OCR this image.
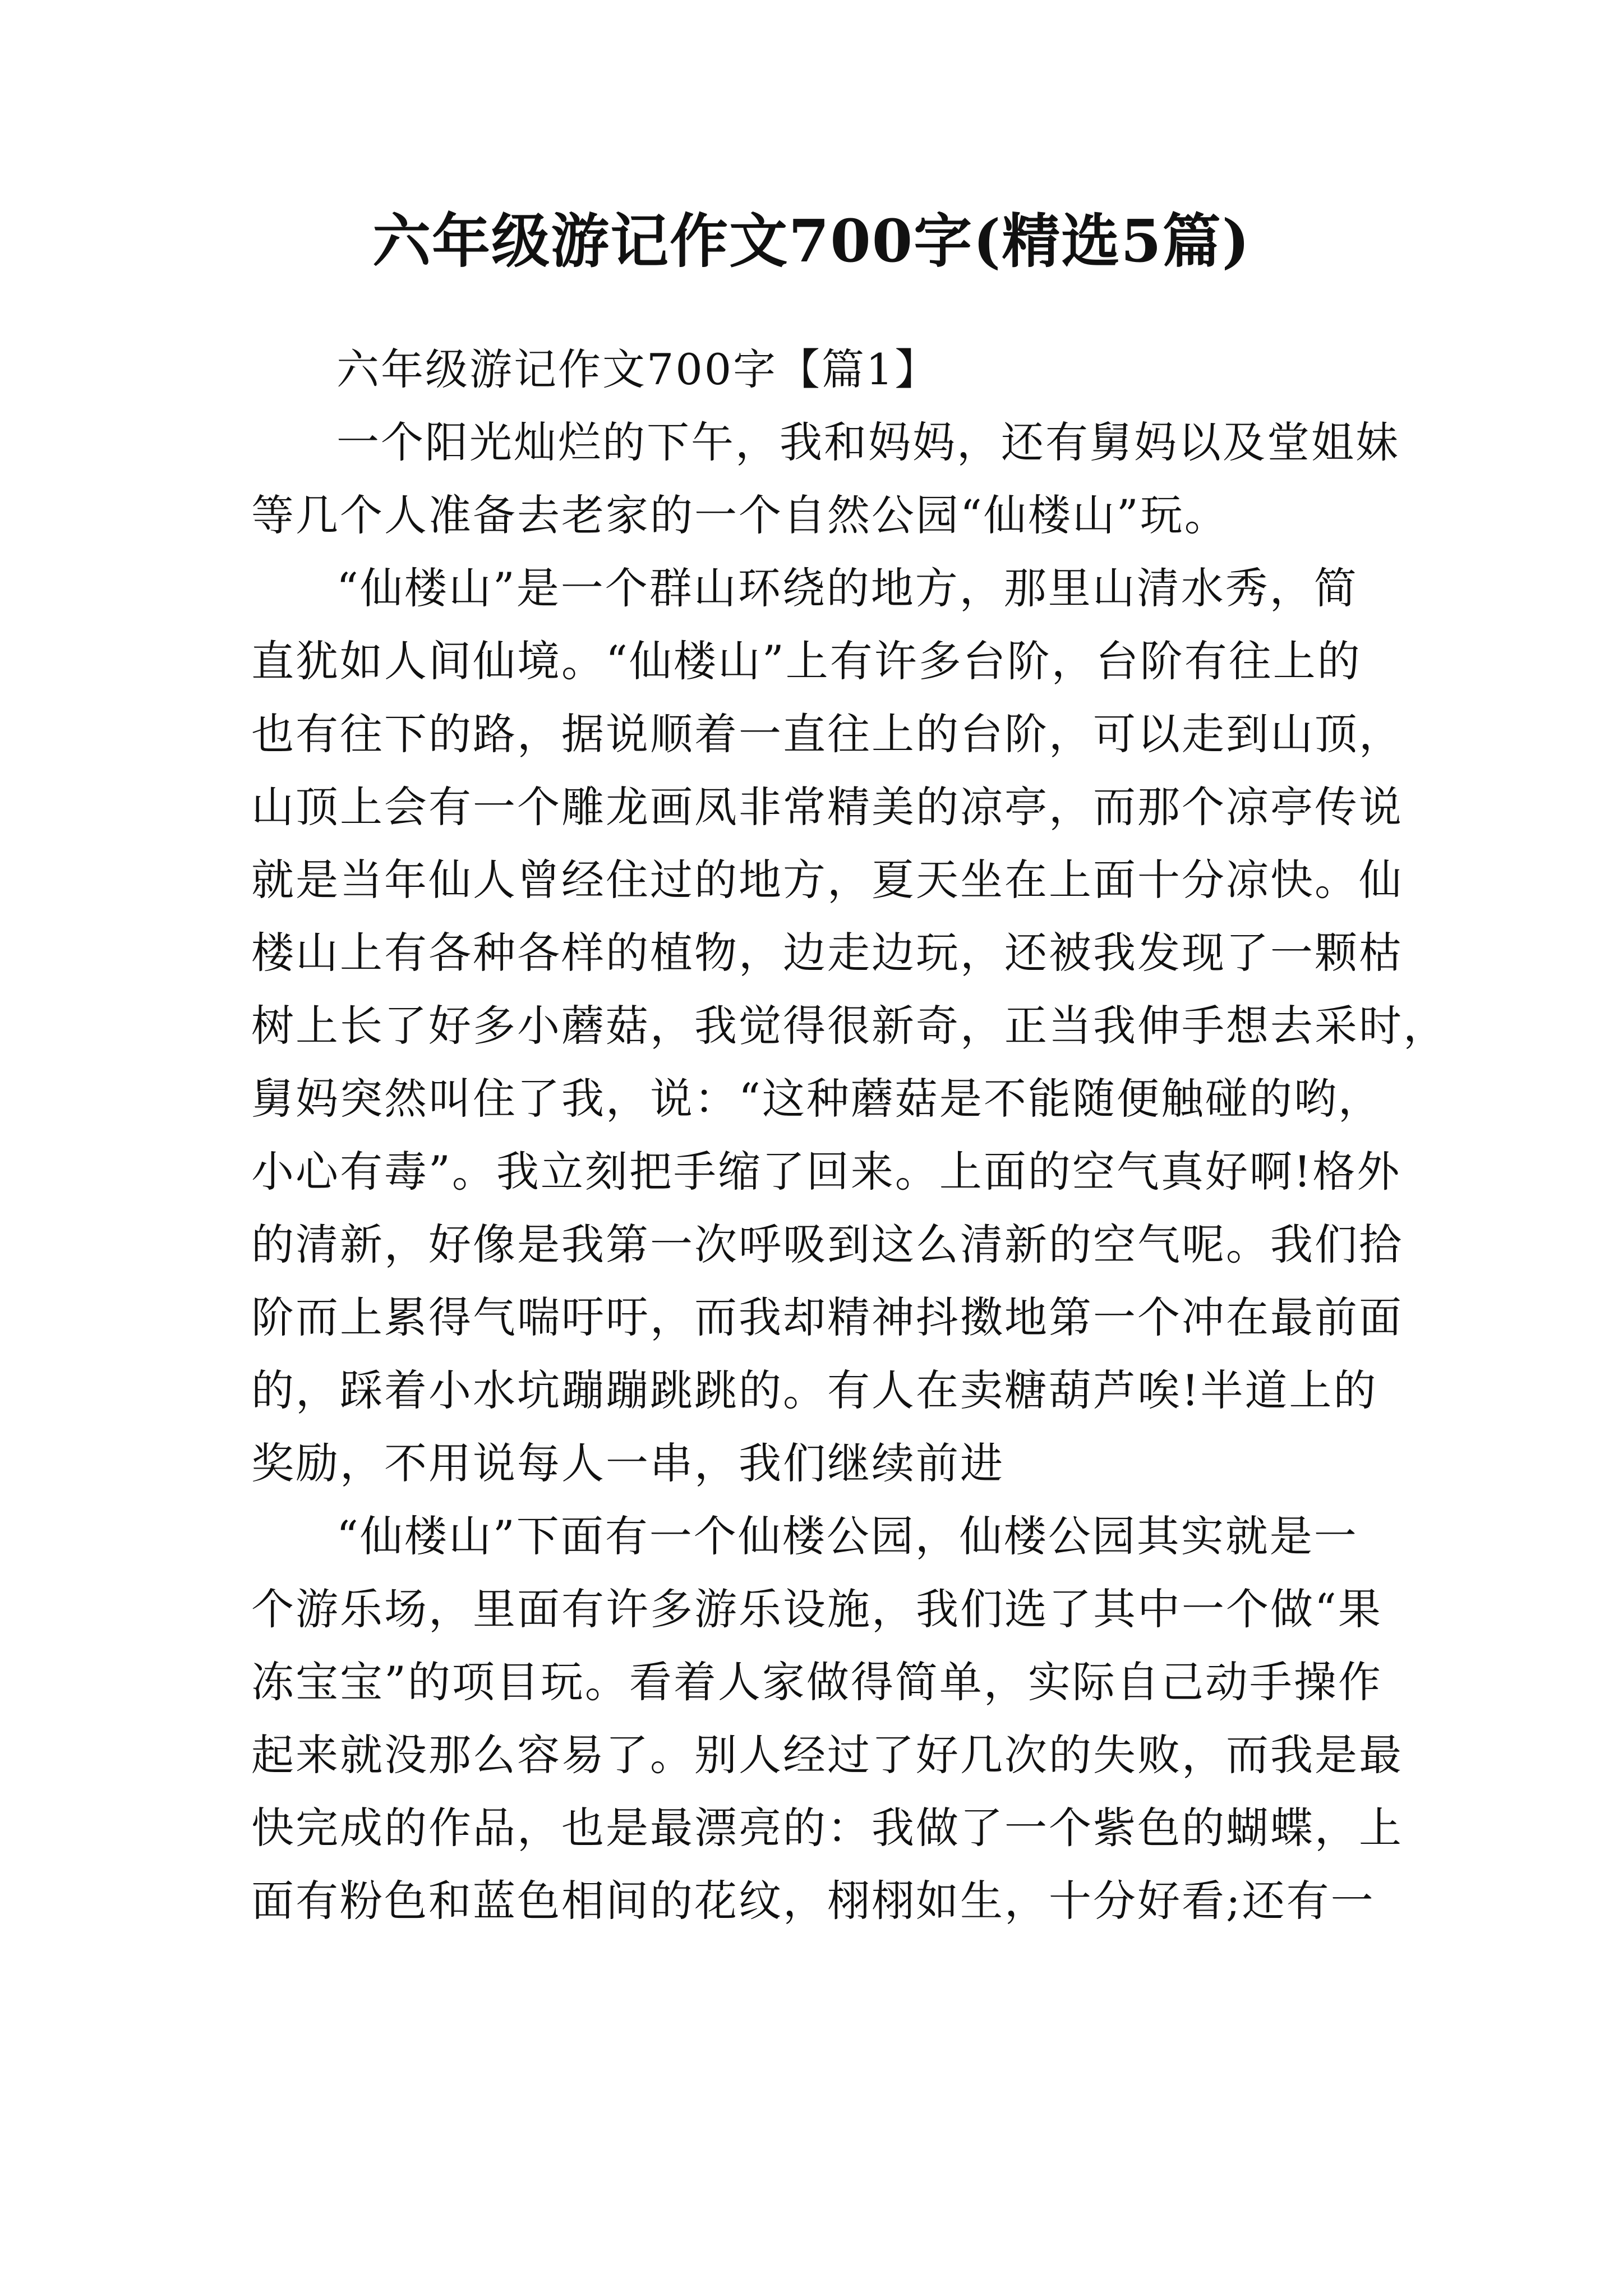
六年级游记作文700字(精选5篇)
六年级游记作文700字【篇1】
一个阳光灿烂的下午，我和妈妈，还有舅妈以及堂姐妹
等几个人准备去老家的一个自然公园“仙楼山”玩。
“仙楼山”是一个群山环绕的地方，那里山清水秀，简
直犹如人间仙境。“仙楼山”上有许多台阶，台阶有往上的
也有往下的路，据说顺着一直往上的台阶，可以走到山顶，
山顶上会有一个雕龙画凤非常精美的凉亭，而那个凉亭传说
就是当年仙人曾经住过的地方，夏天坐在上面十分凉快。仙
楼山上有各种各样的植物，边走边玩，还被我发现了一颗枯
树上长了好多小蘑菇，我觉得很新奇，正当我伸手想去采时，
舅妈突然叫住了我，说：“这种蘑菇是不能随便触碰的哟，
小心有毒”。我立刻把手缩了回来。上面的空气真好啊!格外
的清新，好像是我第一次呼吸到这么清新的空气呢。我们拾
阶而上累得气喘吁吁，而我却精神抖擞地第一个冲在最前面
的，踩着小水坑蹦蹦跳跳的。有人在卖糖葫芦唉!半道上的
奖励，不用说每人一串，我们继续前进
“仙楼山”下面有一个仙楼公园，仙楼公园其实就是一
个游乐场，里面有许多游乐设施，我们选了其中一个做“果
冻宝宝”的项目玩。看着人家做得简单，实际自己动手操作
起来就没那么容易了。别人经过了好几次的失败，而我是最
快完成的作品，也是最漂亮的：我做了一个紫色的蝴蝶，上
面有粉色和蓝色相间的花纹，栩栩如生，十分好看;还有一
